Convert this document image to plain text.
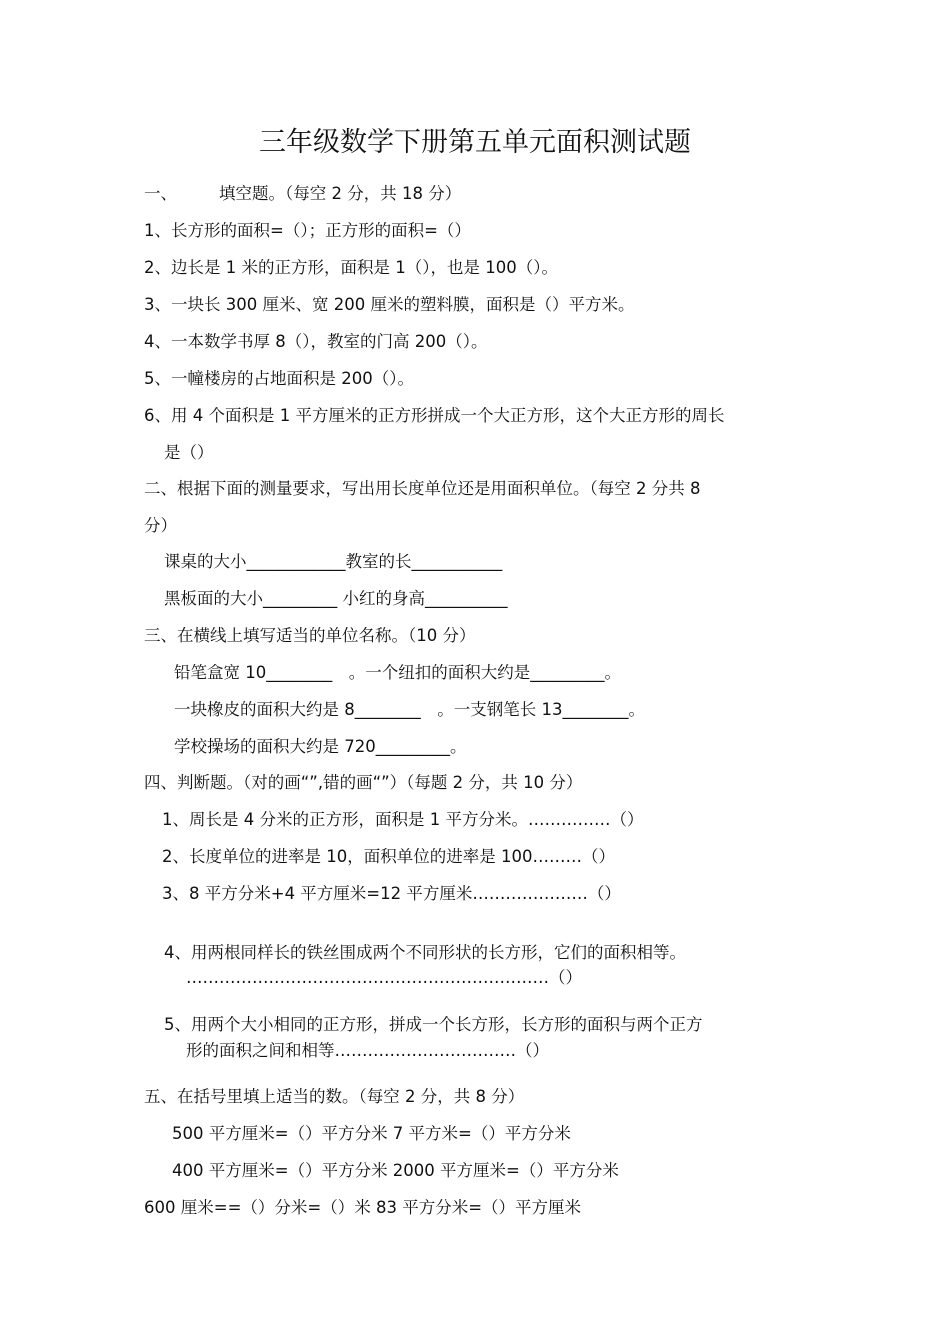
三年级数学下册第五单元面积测试题
一、	填空题。（每空 2 分，共 18 分）
1、长方形的面积=（）；正方形的面积=（）
2、边长是 1 米的正方形，面积是 1（），也是 100（）。
3、一块长 300 厘米、宽 200 厘米的塑料膜，面积是（）平方米。
4、一本数学书厚 8（），教室的门高 200（）。
5、一幢楼房的占地面积是 200（）。
6、用 4 个面积是 1 平方厘米的正方形拼成一个大正方形，这个大正方形的周长
是（）
二、根据下面的测量要求，写出用长度单位还是用面积单位。（每空 2 分共 8
分）
课桌的大小____________教室的长___________
黑板面的大小_________ 小红的身高__________
三、在横线上填写适当的单位名称。（10 分）
铅笔盒宽 10________　。一个纽扣的面积大约是_________。
一块橡皮的面积大约是 8________　。一支钢笔长 13________。
学校操场的面积大约是 720_________。
四、判断题。（对的画“”,错的画“”）（每题 2 分，共 10 分）
1、周长是 4 分米的正方形，面积是 1 平方分米。……………（）
2、长度单位的进率是 10，面积单位的进率是 100………（）
3、8 平方分米+4 平方厘米=12 平方厘米…………………（）
4、用两根同样长的铁丝围成两个不同形状的长方形，它们的面积相等。
…………………………………………………………（）
5、用两个大小相同的正方形，拼成一个长方形，长方形的面积与两个正方
形的面积之间和相等……………………………（）
五、在括号里填上适当的数。（每空 2 分，共 8 分）
500 平方厘米=（）平方分米 7 平方米=（）平方分米
400 平方厘米=（）平方分米 2000 平方厘米=（）平方分米
600 厘米==（）分米=（）米 83 平方分米=（）平方厘米
